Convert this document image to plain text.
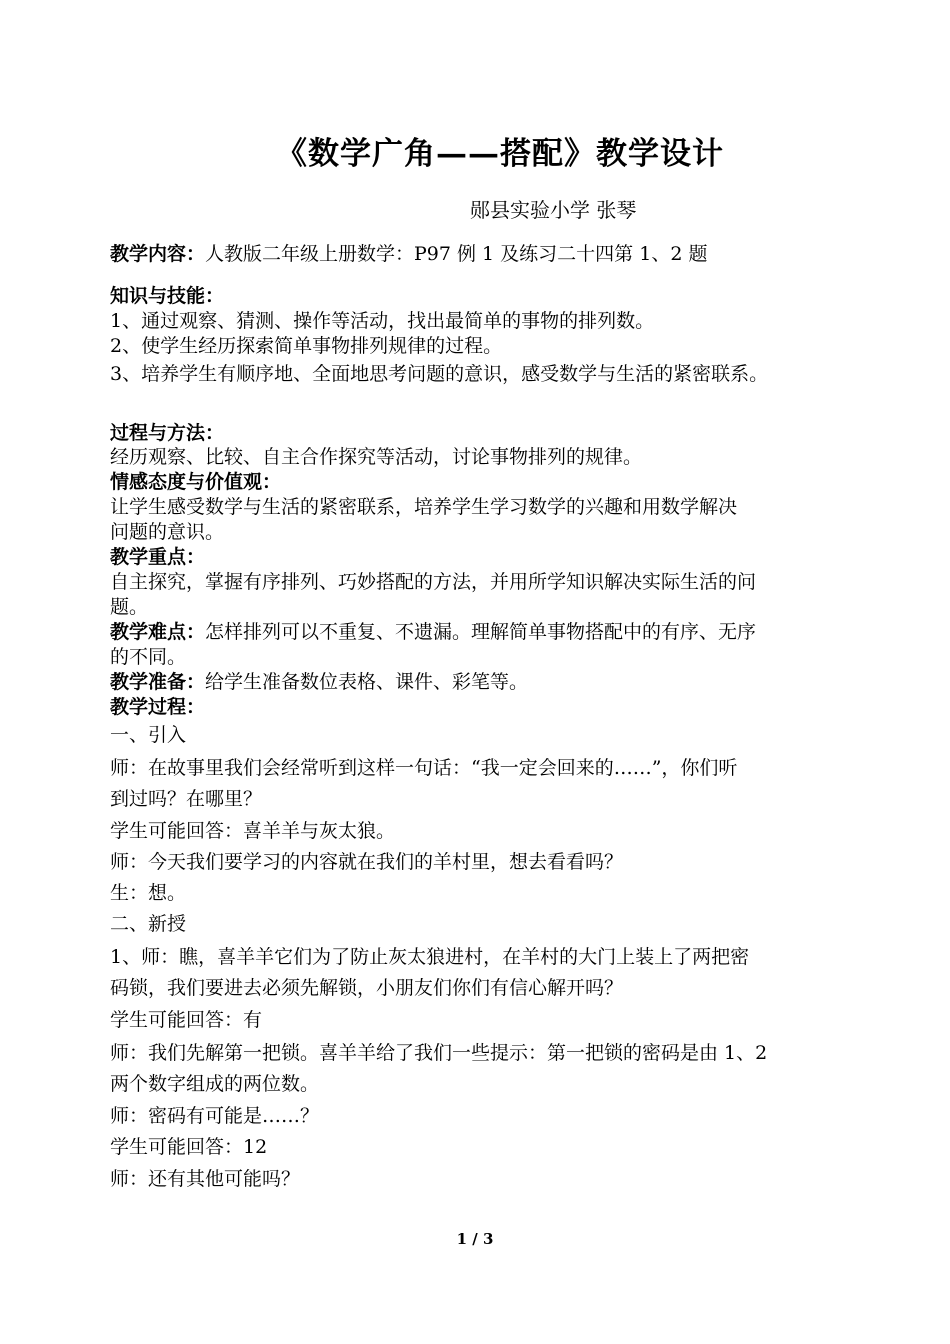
《数学广角——搭配》教学设计
郧县实验小学 张琴
教学内容：人教版二年级上册数学：P97 例 1 及练习二十四第 1、2 题
知识与技能：
1、通过观察、猜测、操作等活动，找出最简单的事物的排列数。
2、使学生经历探索简单事物排列规律的过程。
3、培养学生有顺序地、全面地思考问题的意识，感受数学与生活的紧密联系。
过程与方法：
经历观察、比较、自主合作探究等活动，讨论事物排列的规律。
情感态度与价值观：
让学生感受数学与生活的紧密联系，培养学生学习数学的兴趣和用数学解决
问题的意识。
教学重点：
自主探究，掌握有序排列、巧妙搭配的方法，并用所学知识解决实际生活的问
题。
教学难点：怎样排列可以不重复、不遗漏。理解简单事物搭配中的有序、无序
的不同。
教学准备：给学生准备数位表格、课件、彩笔等。
教学过程：
一、引入
师：在故事里我们会经常听到这样一句话：“我一定会回来的……”，你们听
到过吗？在哪里？
学生可能回答：喜羊羊与灰太狼。
师：今天我们要学习的内容就在我们的羊村里，想去看看吗？
生：想。
二、新授
1、师：瞧，喜羊羊它们为了防止灰太狼进村，在羊村的大门上装上了两把密
码锁，我们要进去必须先解锁，小朋友们你们有信心解开吗？
学生可能回答：有
师：我们先解第一把锁。喜羊羊给了我们一些提示：第一把锁的密码是由 1、2
两个数字组成的两位数。
师：密码有可能是……？
学生可能回答：12
师：还有其他可能吗？
1 / 3
